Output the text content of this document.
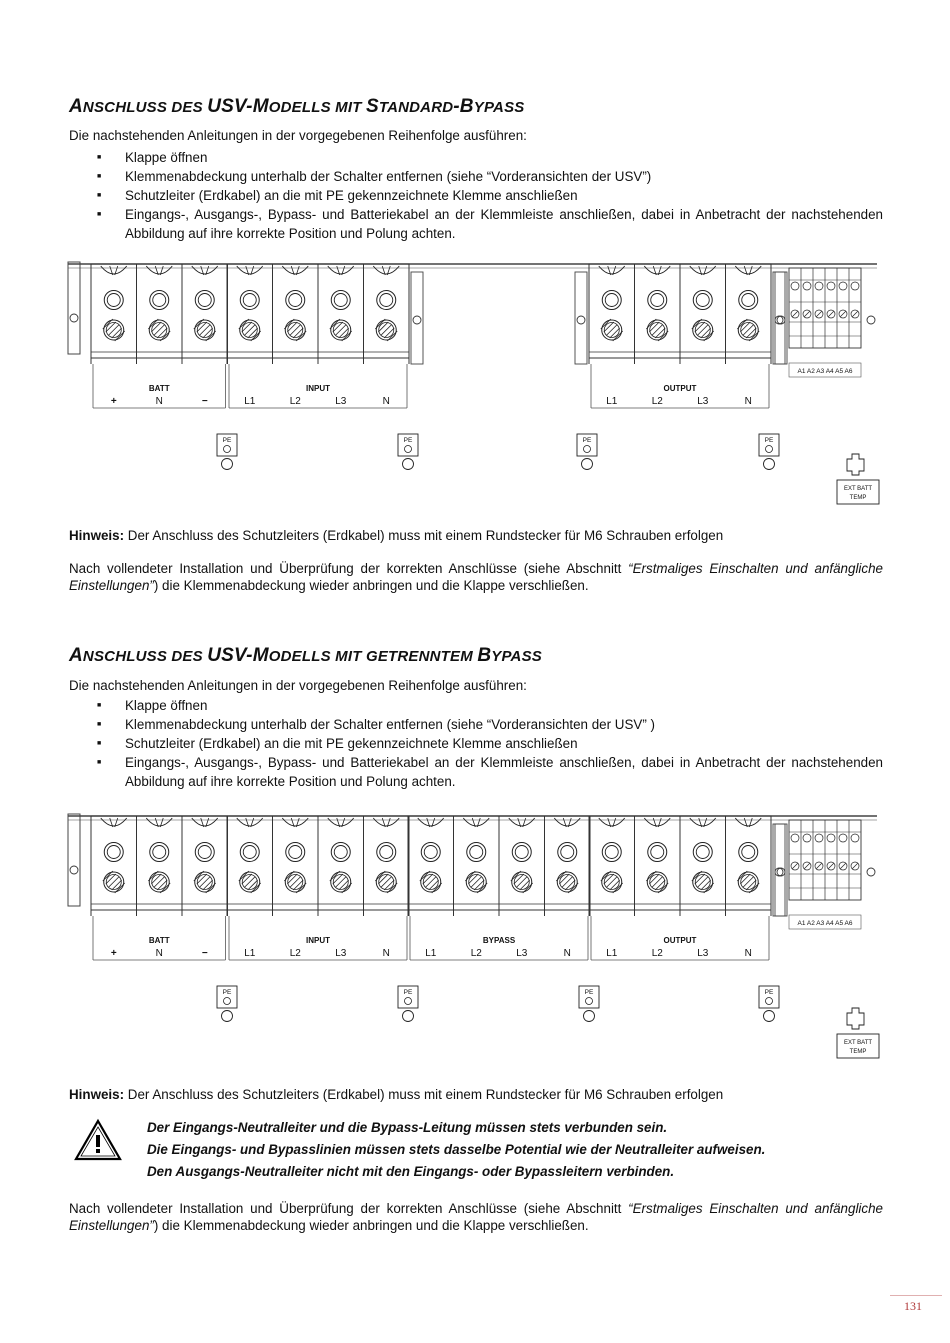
ANSCHLUSS DES USV-MODELLS MIT STANDARD-BYPASS
Die nachstehenden Anleitungen in der vorgegebenen Reihenfolge ausführen:
■ Klappe öffnen
■ Klemmenabdeckung unterhalb der Schalter entfernen (siehe “Vorderansichten der USV”)
■ Schutzleiter (Erdkabel) an die mit PE gekennzeichnete Klemme anschließen
■ Eingangs-, Ausgangs-, Bypass- und Batteriekabel an der Klemmleiste anschließen, dabei in Anbetracht der nachstehenden Abbildung auf ihre korrekte Position und Polung achten.
BATT
+	N	−
INPUT
L1	L2	L3	N
OUTPUT
L1	L2	L3	N
A1 A2 A3 A4 A5 A6
PE	PE	PE	PE
EXT BATT
TEMP
Hinweis: Der Anschluss des Schutzleiters (Erdkabel) muss mit einem Rundstecker für M6 Schrauben erfolgen
Nach vollendeter Installation und Überprüfung der korrekten Anschlüsse (siehe Abschnitt “Erstmaliges Einschalten und anfängliche Einstellungen”) die Klemmenabdeckung wieder anbringen und die Klappe verschließen.
ANSCHLUSS DES USV-MODELLS MIT GETRENNTEM BYPASS
Die nachstehenden Anleitungen in der vorgegebenen Reihenfolge ausführen:
■ Klappe öffnen
■ Klemmenabdeckung unterhalb der Schalter entfernen (siehe “Vorderansichten der USV” )
■ Schutzleiter (Erdkabel) an die mit PE gekennzeichnete Klemme anschließen
■ Eingangs-, Ausgangs-, Bypass- und Batteriekabel an der Klemmleiste anschließen, dabei in Anbetracht der nachstehenden Abbildung auf ihre korrekte Position und Polung achten.
BATT
+	N	−
INPUT
L1	L2	L3	N
BYPASS
L1	L2	L3	N
OUTPUT
L1	L2	L3	N
A1 A2 A3 A4 A5 A6
PE	PE	PE	PE
EXT BATT
TEMP
Hinweis: Der Anschluss des Schutzleiters (Erdkabel) muss mit einem Rundstecker für M6 Schrauben erfolgen
Der Eingangs-Neutralleiter und die Bypass-Leitung müssen stets verbunden sein.
Die Eingangs- und Bypasslinien müssen stets dasselbe Potential wie der Neutralleiter aufweisen.
Den Ausgangs-Neutralleiter nicht mit den Eingangs- oder Bypassleitern verbinden.
Nach vollendeter Installation und Überprüfung der korrekten Anschlüsse (siehe Abschnitt “Erstmaliges Einschalten und anfängliche Einstellungen”) die Klemmenabdeckung wieder anbringen und die Klappe verschließen.
131
